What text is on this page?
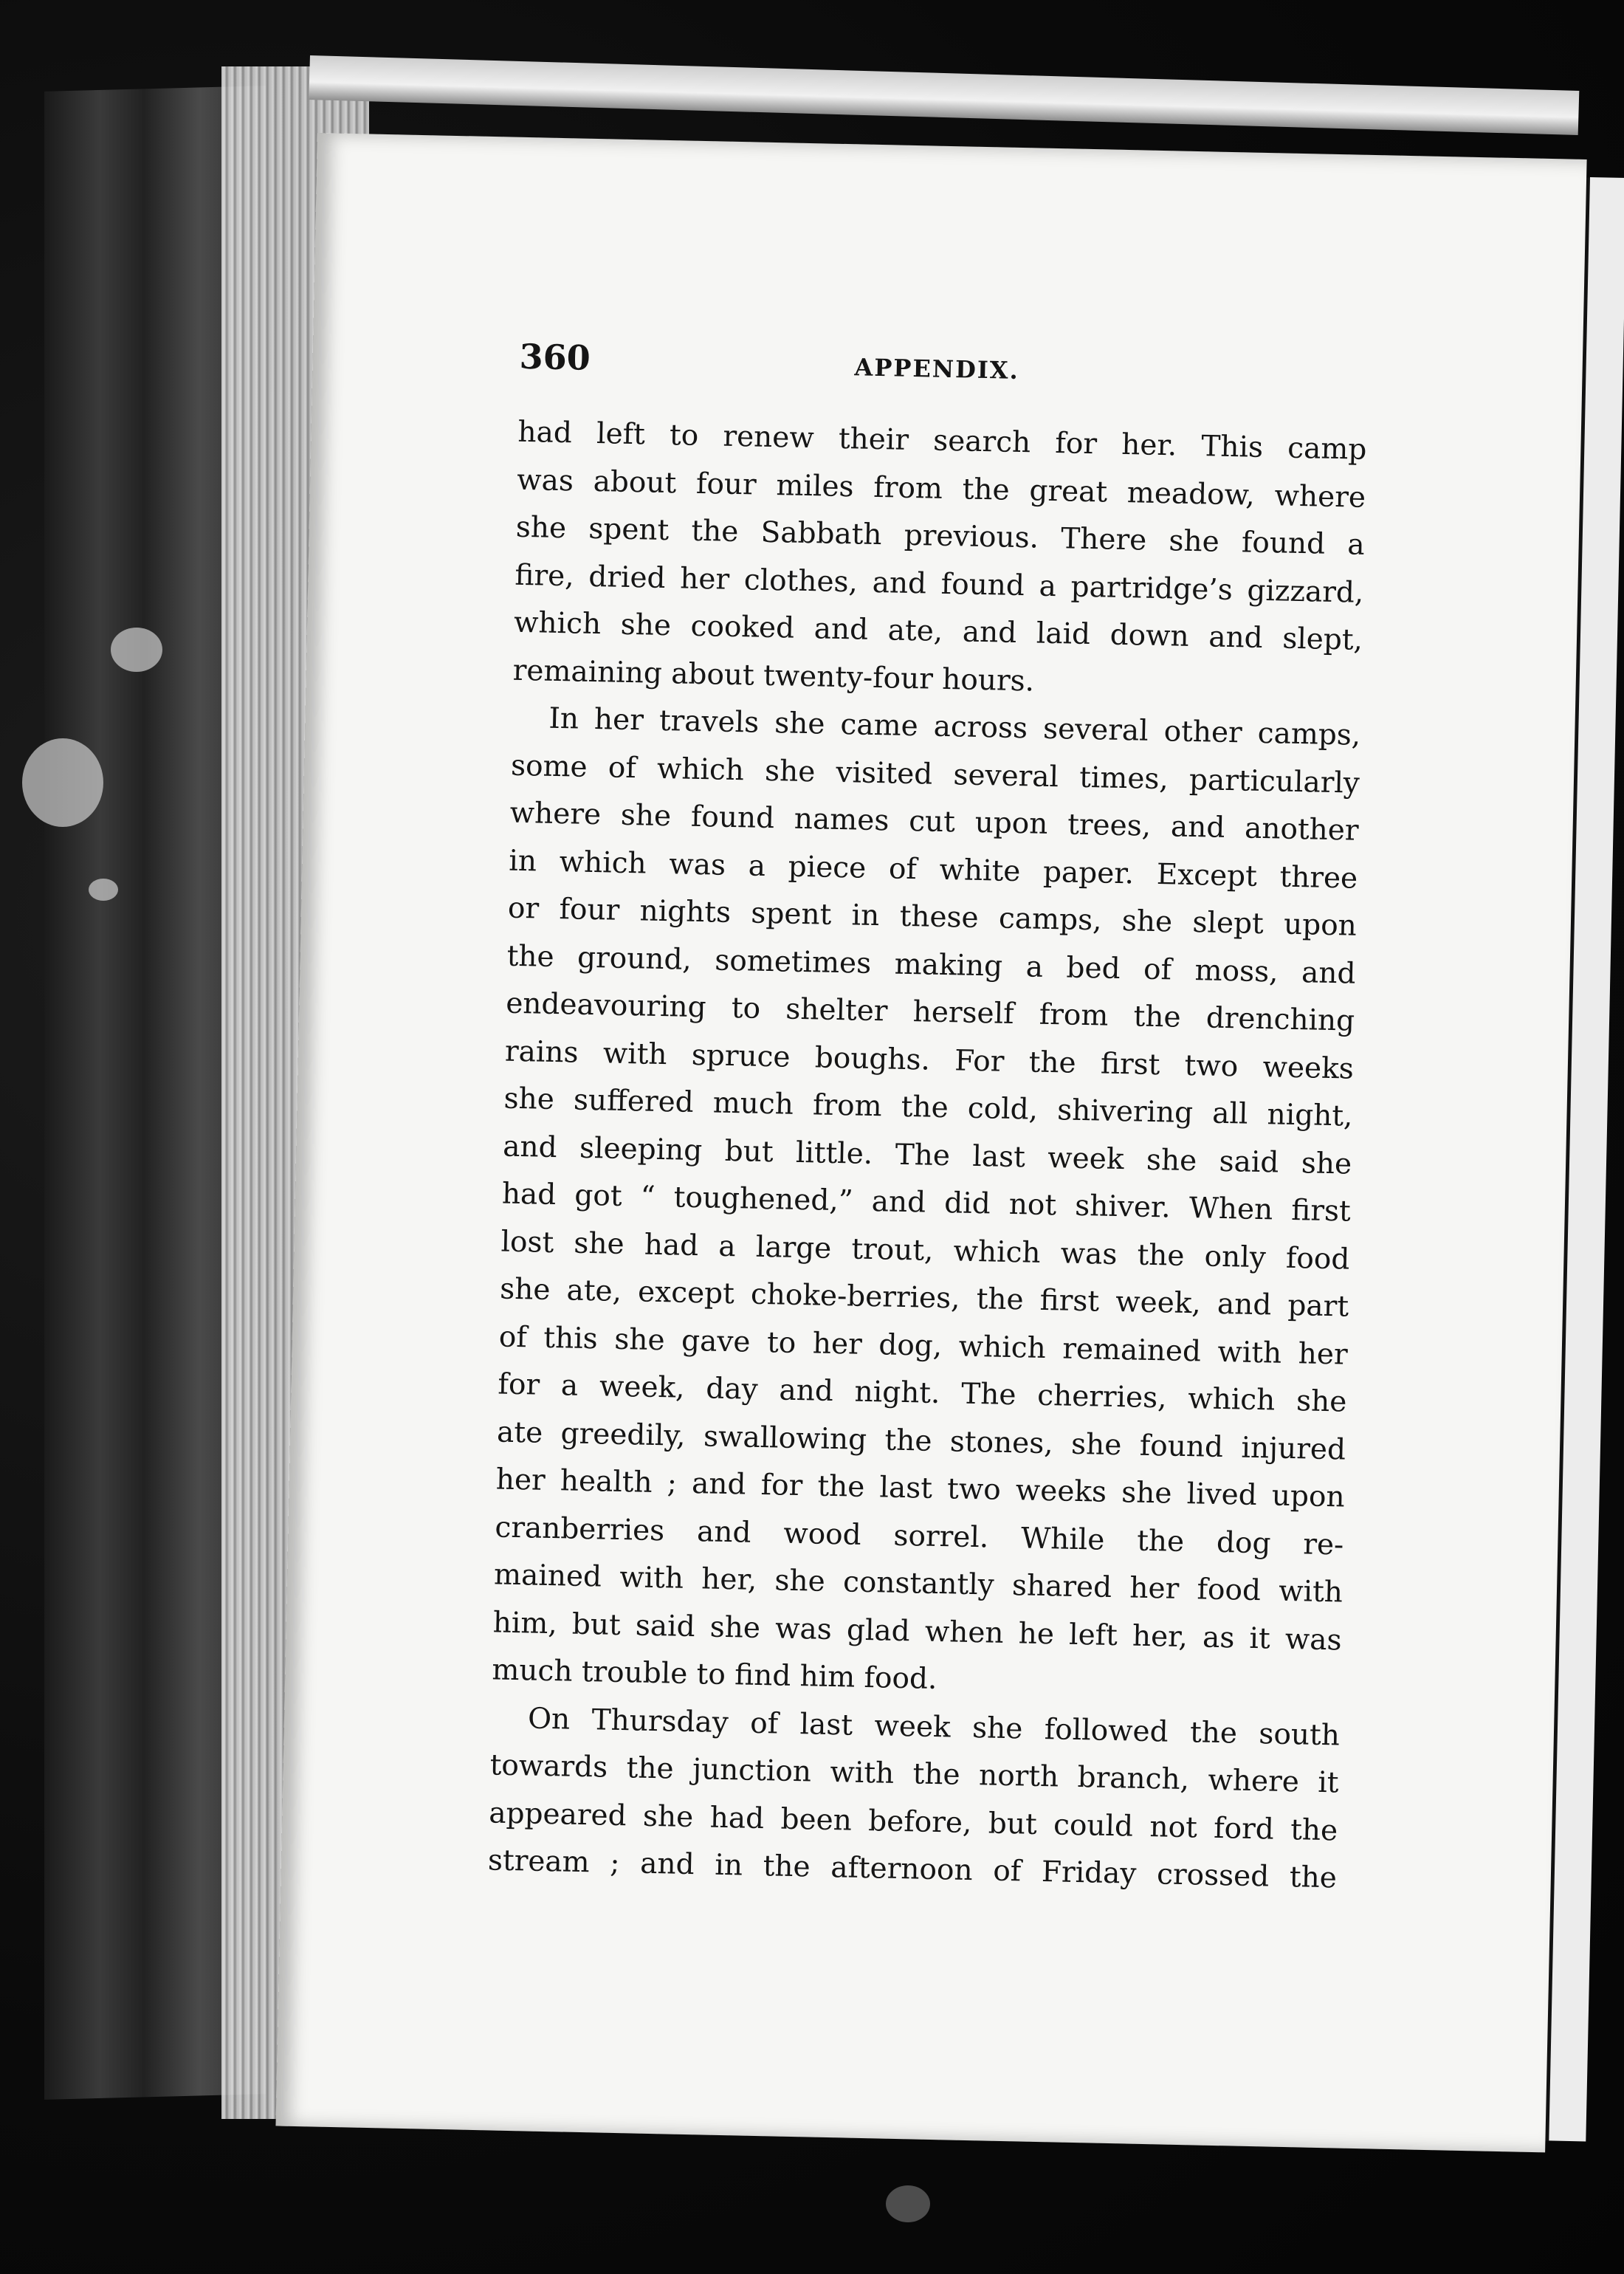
360	APPENDIX.
had left to renew their search for her. This camp
was about four miles from the great meadow, where
she spent the Sabbath previous. There she found a
fire, dried her clothes, and found a partridge’s gizzard,
which she cooked and ate, and laid down and slept,
remaining about twenty-four hours.
In her travels she came across several other camps,
some of which she visited several times, particularly
where she found names cut upon trees, and another
in which was a piece of white paper. Except three
or four nights spent in these camps, she slept upon
the ground, sometimes making a bed of moss, and
endeavouring to shelter herself from the drenching
rains with spruce boughs. For the first two weeks
she suffered much from the cold, shivering all night,
and sleeping but little. The last week she said she
had got “ toughened,” and did not shiver. When first
lost she had a large trout, which was the only food
she ate, except choke-berries, the first week, and part
of this she gave to her dog, which remained with her
for a week, day and night. The cherries, which she
ate greedily, swallowing the stones, she found injured
her health ; and for the last two weeks she lived upon
cranberries and wood sorrel. While the dog re-
mained with her, she constantly shared her food with
him, but said she was glad when he left her, as it was
much trouble to find him food.
On Thursday of last week she followed the south
towards the junction with the north branch, where it
appeared she had been before, but could not ford the
stream ; and in the afternoon of Friday crossed the
